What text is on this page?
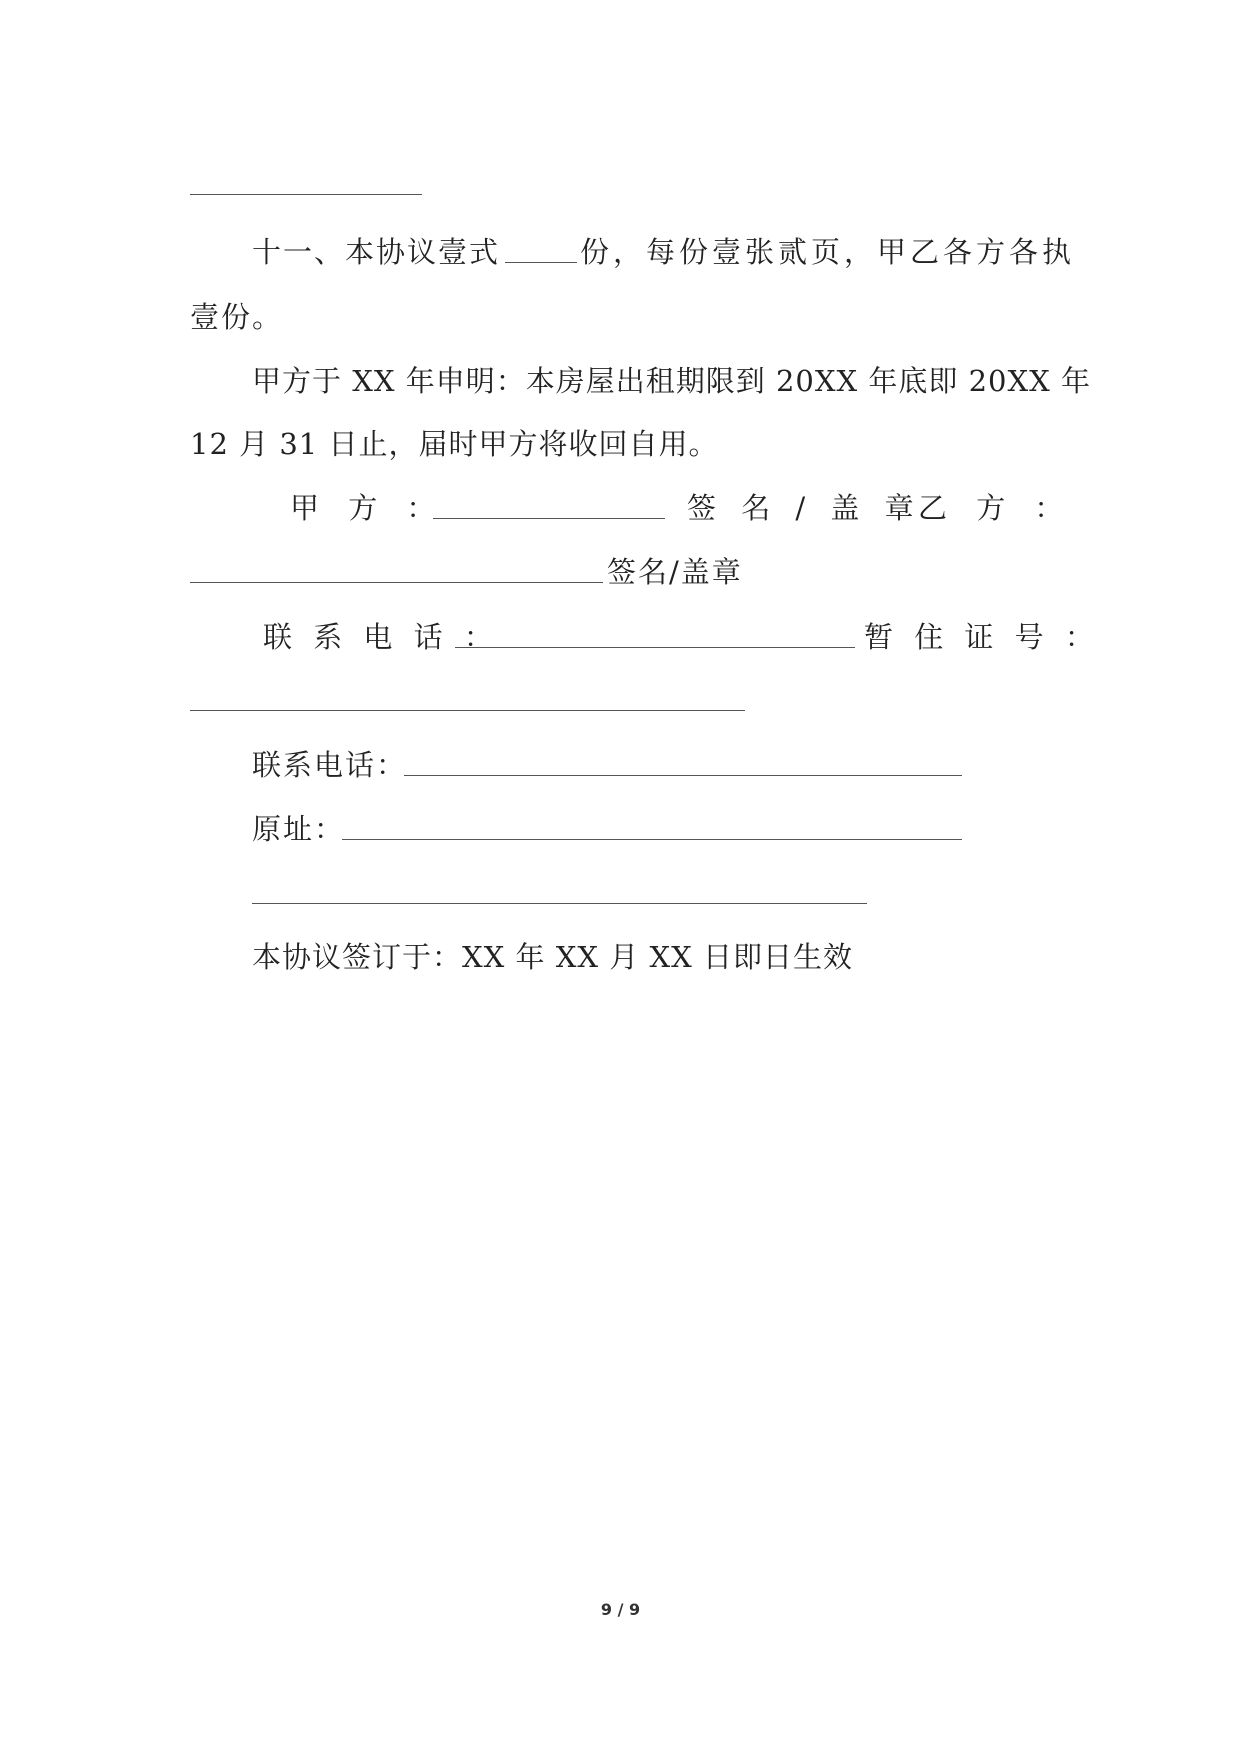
十一、本协议壹式	份，每份壹张贰页，甲乙各方各执
壹份。
甲方于 XX 年申明：本房屋出租期限到 20XX 年底即 20XX 年
12 月 31 日止，届时甲方将收回自用。
甲 方 ：	签 名 / 盖 章
乙 方 ：
签名/盖章
联 系 电 话 ：	暂 住 证 号 ：
联系电话：
原址：
本协议签订于：XX 年 XX 月 XX 日即日生效
9 / 9
